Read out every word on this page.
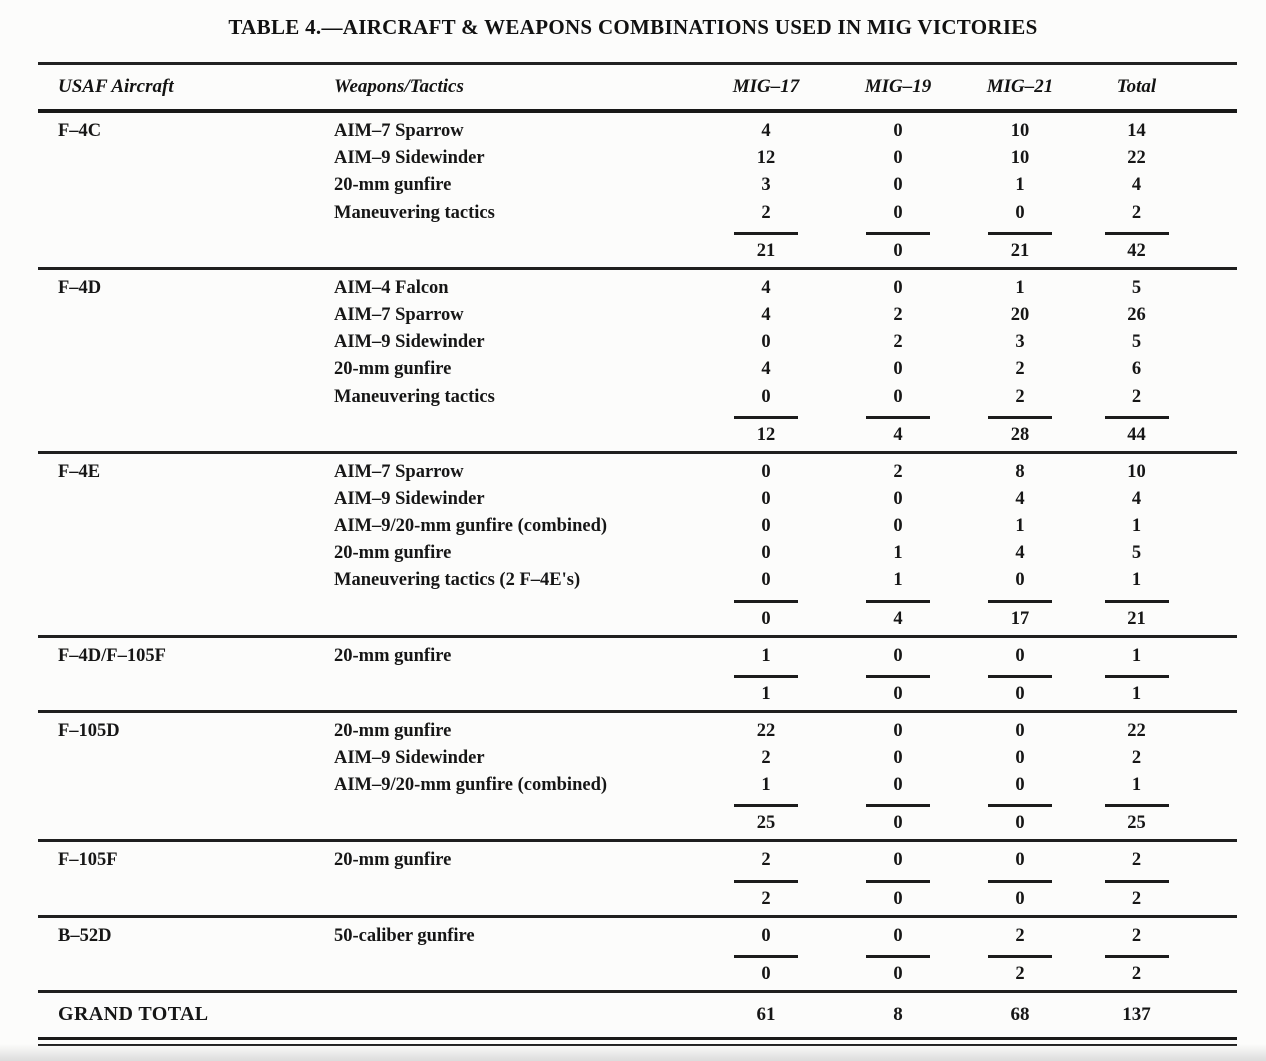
TABLE 4.—AIRCRAFT & WEAPONS COMBINATIONS USED IN MIG VICTORIES
USAF Aircraft	Weapons/Tactics	MIG–17	MIG–19	MIG–21	Total
F–4C	AIM–7 Sparrow	4	0	10	14
AIM–9 Sidewinder	12	0	10	22
20-mm gunfire	3	0	1	4
Maneuvering tactics	2	0	0	2
21	0	21	42
F–4D	AIM–4 Falcon	4	0	1	5
AIM–7 Sparrow	4	2	20	26
AIM–9 Sidewinder	0	2	3	5
20-mm gunfire	4	0	2	6
Maneuvering tactics	0	0	2	2
12	4	28	44
F–4E	AIM–7 Sparrow	0	2	8	10
AIM–9 Sidewinder	0	0	4	4
AIM–9/20-mm gunfire (combined)	0	0	1	1
20-mm gunfire	0	1	4	5
Maneuvering tactics (2 F–4E's)	0	1	0	1
0	4	17	21
F–4D/F–105F	20-mm gunfire	1	0	0	1
1	0	0	1
F–105D	20-mm gunfire	22	0	0	22
AIM–9 Sidewinder	2	0	0	2
AIM–9/20-mm gunfire (combined)	1	0	0	1
25	0	0	25
F–105F	20-mm gunfire	2	0	0	2
2	0	0	2
B–52D	50-caliber gunfire	0	0	2	2
0	0	2	2
GRAND TOTAL	61	8	68	137
